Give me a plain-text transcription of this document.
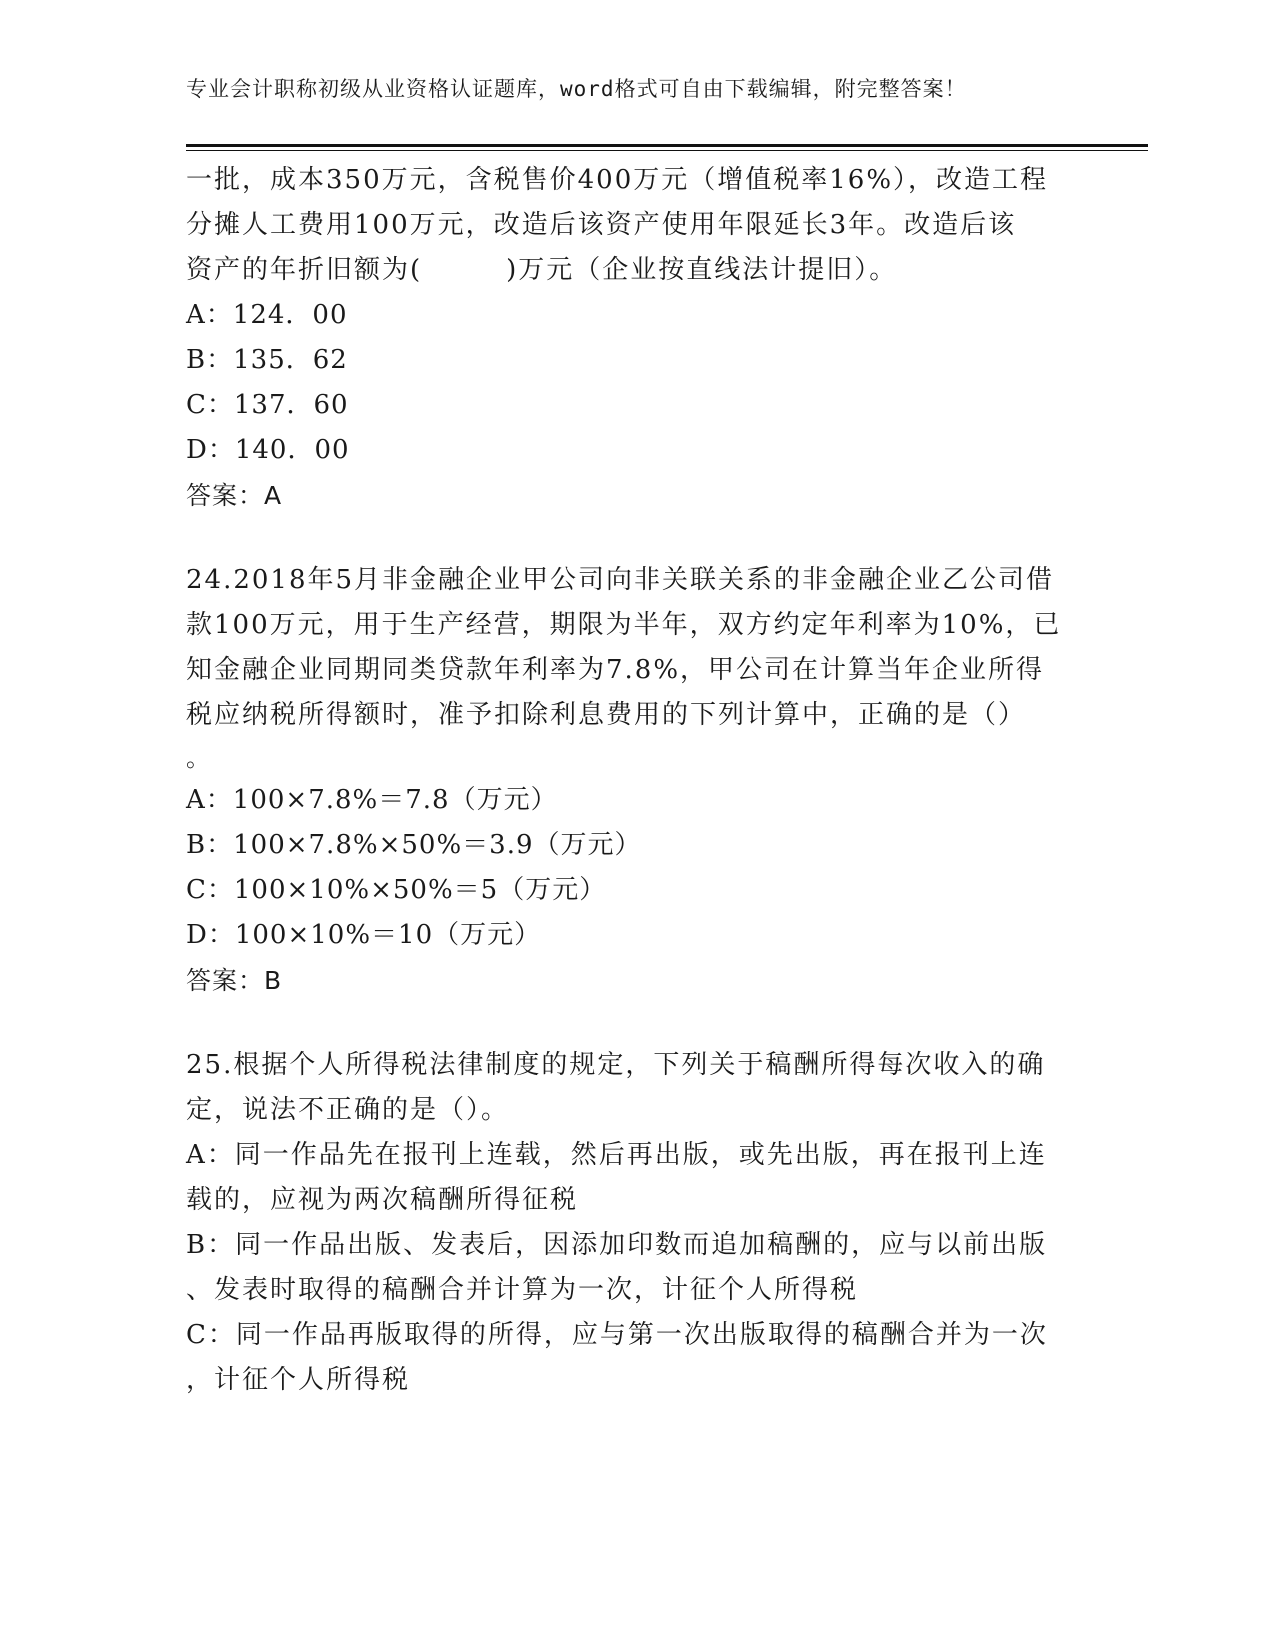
专业会计职称初级从业资格认证题库，word格式可自由下载编辑，附完整答案！
一批，成本350万元，含税售价400万元（增值税率16%），改造工程
分摊人工费用100万元，改造后该资产使用年限延长3年。改造后该
资产的年折旧额为(　　　)万元（企业按直线法计提旧）。
A：124．00
B：135．62
C：137．60
D：140．00
答案：A
24.2018年5月非金融企业甲公司向非关联关系的非金融企业乙公司借
款100万元，用于生产经营，期限为半年，双方约定年利率为10%，已
知金融企业同期同类贷款年利率为7.8%，甲公司在计算当年企业所得
税应纳税所得额时，准予扣除利息费用的下列计算中，正确的是（）
。
A：100×7.8%＝7.8（万元）
B：100×7.8%×50%＝3.9（万元）
C：100×10%×50%＝5（万元）
D：100×10%＝10（万元）
答案：B
25.根据个人所得税法律制度的规定，下列关于稿酬所得每次收入的确
定，说法不正确的是（）。
A：同一作品先在报刊上连载，然后再出版，或先出版，再在报刊上连
载的，应视为两次稿酬所得征税
B：同一作品出版、发表后，因添加印数而追加稿酬的，应与以前出版
、发表时取得的稿酬合并计算为一次，计征个人所得税
C：同一作品再版取得的所得，应与第一次出版取得的稿酬合并为一次
，计征个人所得税
